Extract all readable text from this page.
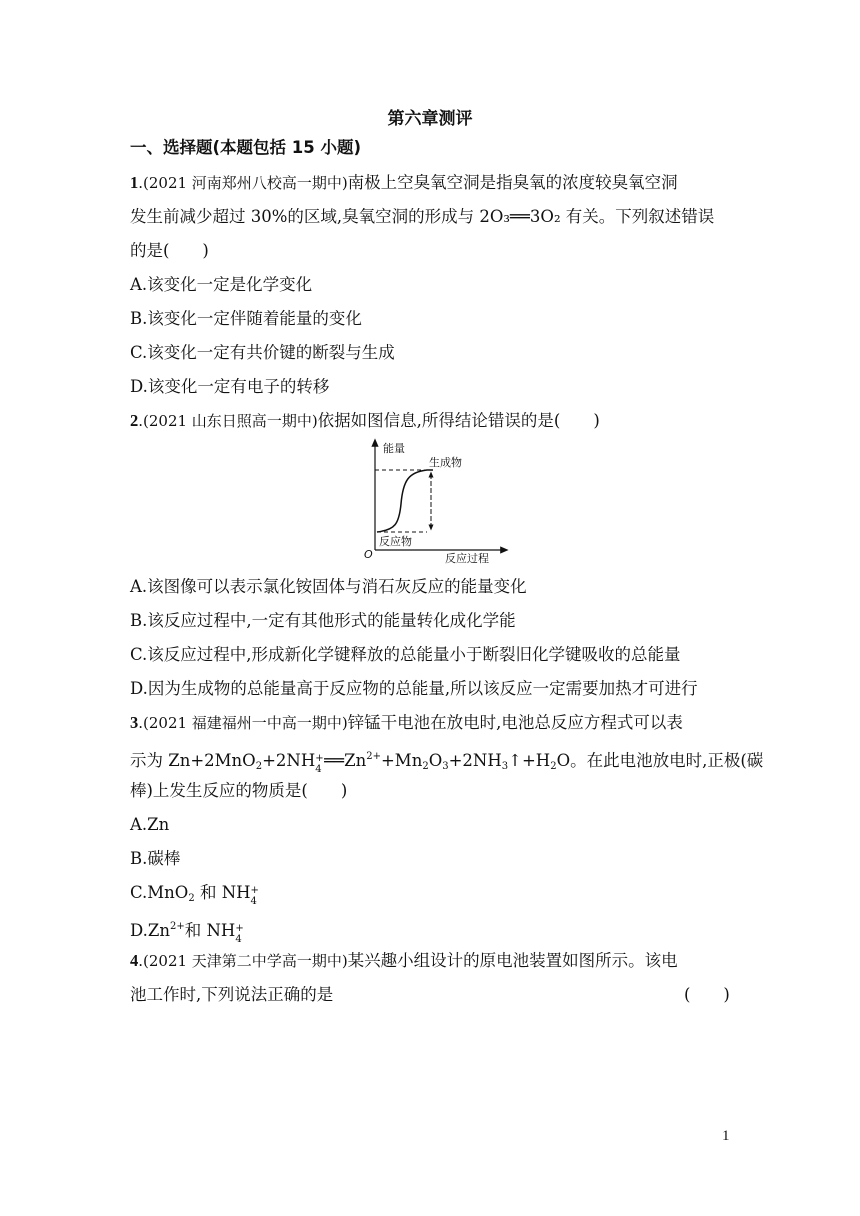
第六章测评
一、选择题(本题包括 15 小题)
1.(2021 河南郑州八校高一期中)南极上空臭氧空洞是指臭氧的浓度较臭氧空洞
发生前减少超过 30%的区域,臭氧空洞的形成与 2O₃══3O₂ 有关。下列叙述错误
的是(　　)
A.该变化一定是化学变化
B.该变化一定伴随着能量的变化
C.该变化一定有共价键的断裂与生成
D.该变化一定有电子的转移
2.(2021 山东日照高一期中)依据如图信息,所得结论错误的是(　　)
能量
生成物
反应物
O	反应过程
A.该图像可以表示氯化铵固体与消石灰反应的能量变化
B.该反应过程中,一定有其他形式的能量转化成化学能
C.该反应过程中,形成新化学键释放的总能量小于断裂旧化学键吸收的总能量
D.因为生成物的总能量高于反应物的总能量,所以该反应一定需要加热才可进行
3.(2021 福建福州一中高一期中)锌锰干电池在放电时,电池总反应方程式可以表
示为 Zn+2MnO$_2$+2NH +
4 $══Zn^{2+}+Mn_2O_3+2NH_3↑+H_2O$。在此电池放电时,正极(碳
棒)上发生反应的物质是(　　)
A.Zn
B.碳棒
C.MnO$_2$ 和 NH +
4
$D.Zn^{2+}$和 NH +
4
4.(2021 天津第二中学高一期中)某兴趣小组设计的原电池装置如图所示。该电
池工作时,下列说法正确的是	(　　)
1
